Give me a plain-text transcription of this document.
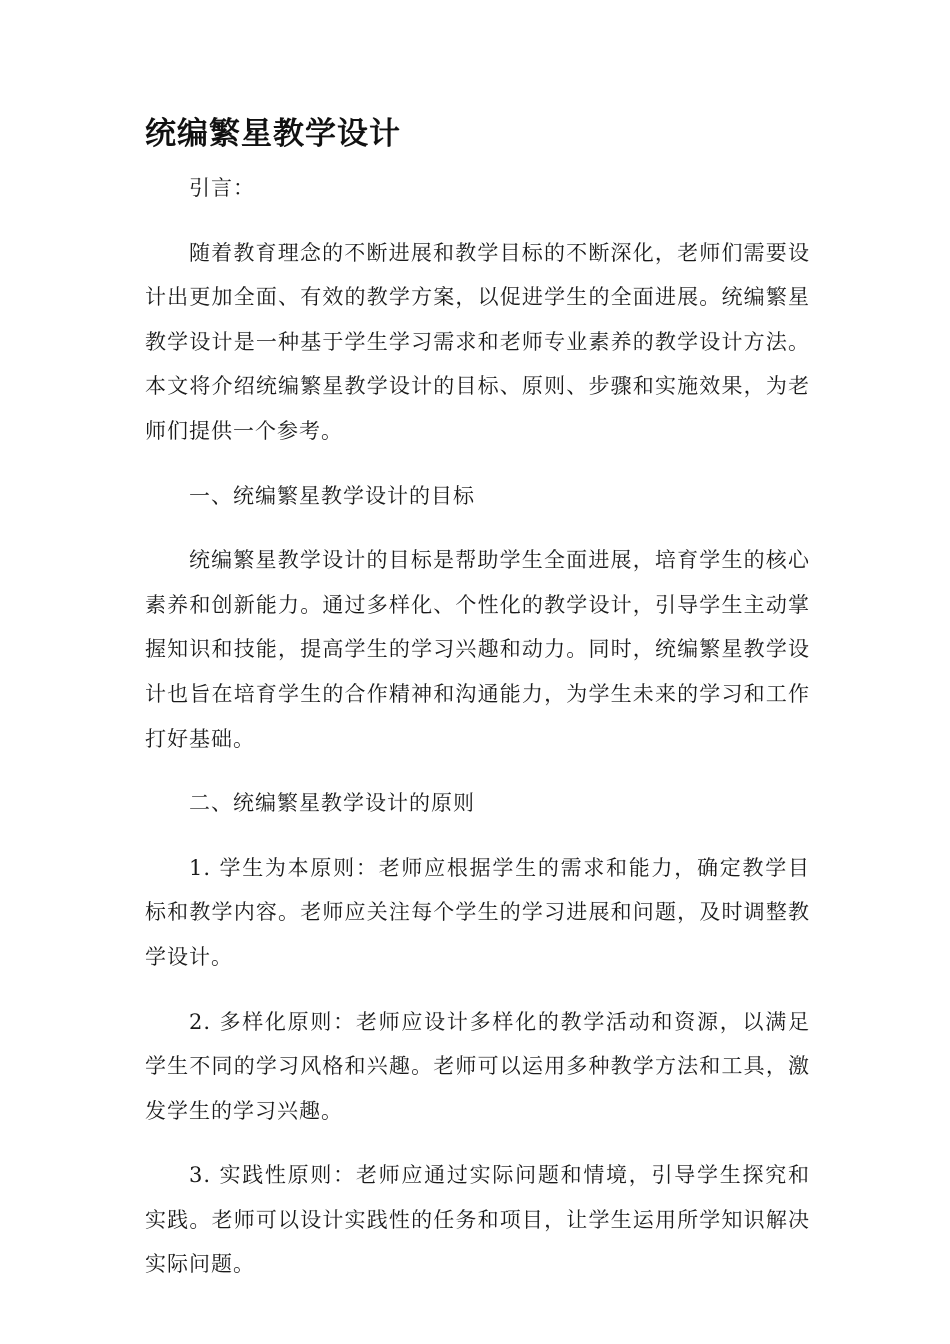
统编繁星教学设计

引言：

随着教育理念的不断进展和教学目标的不断深化，老师们需要设计出更加全面、有效的教学方案，以促进学生的全面进展。统编繁星教学设计是一种基于学生学习需求和老师专业素养的教学设计方法。本文将介绍统编繁星教学设计的目标、原则、步骤和实施效果，为老师们提供一个参考。

一、统编繁星教学设计的目标

统编繁星教学设计的目标是帮助学生全面进展，培育学生的核心素养和创新能力。通过多样化、个性化的教学设计，引导学生主动掌握知识和技能，提高学生的学习兴趣和动力。同时，统编繁星教学设计也旨在培育学生的合作精神和沟通能力，为学生未来的学习和工作打好基础。

二、统编繁星教学设计的原则

1. 学生为本原则：老师应根据学生的需求和能力，确定教学目标和教学内容。老师应关注每个学生的学习进展和问题，及时调整教学设计。

2. 多样化原则：老师应设计多样化的教学活动和资源，以满足学生不同的学习风格和兴趣。老师可以运用多种教学方法和工具，激发学生的学习兴趣。

3. 实践性原则：老师应通过实际问题和情境，引导学生探究和实践。老师可以设计实践性的任务和项目，让学生运用所学知识解决实际问题。
